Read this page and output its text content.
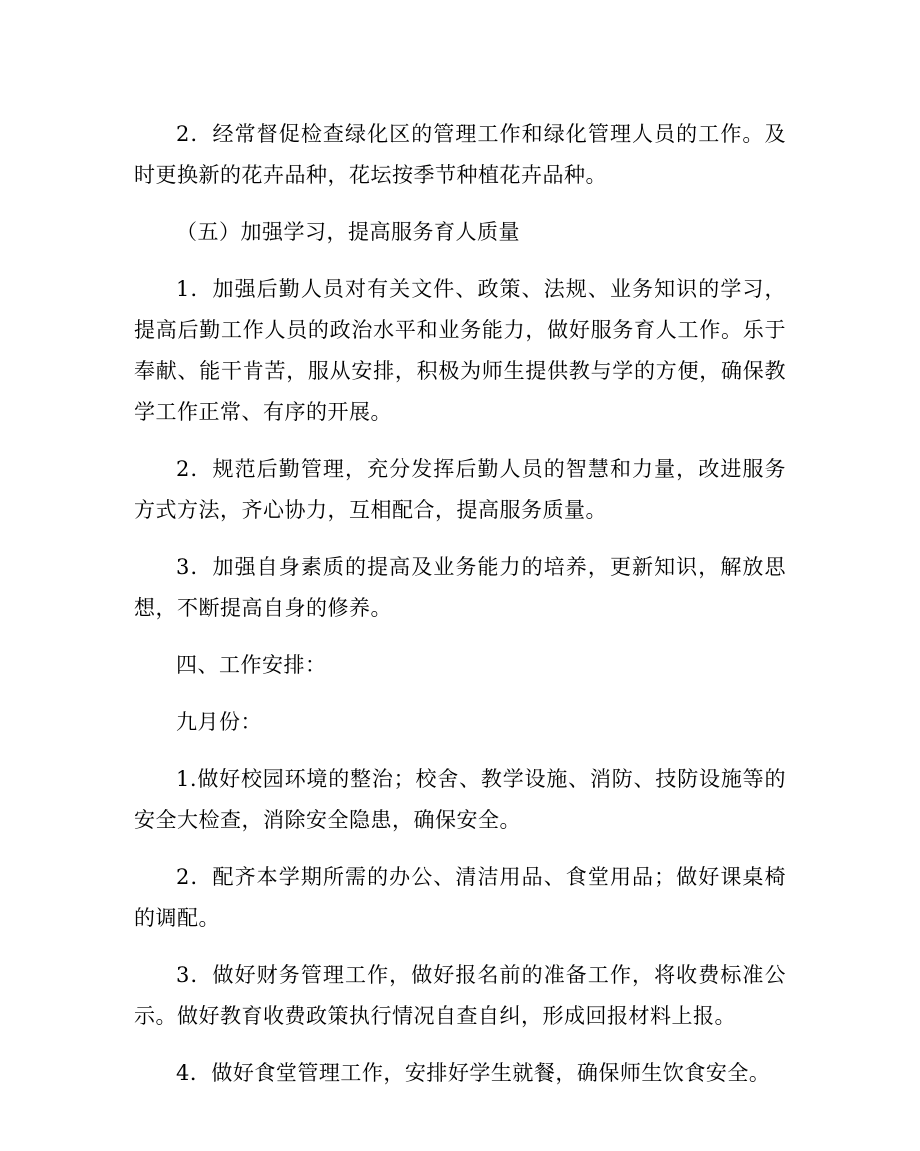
2．经常督促检查绿化区的管理工作和绿化管理人员的工作。及时更换新的花卉品种，花坛按季节种植花卉品种。

（五）加强学习，提高服务育人质量

1．加强后勤人员对有关文件、政策、法规、业务知识的学习，提高后勤工作人员的政治水平和业务能力，做好服务育人工作。乐于奉献、能干肯苦，服从安排，积极为师生提供教与学的方便，确保教学工作正常、有序的开展。

2．规范后勤管理，充分发挥后勤人员的智慧和力量，改进服务方式方法，齐心协力，互相配合，提高服务质量。

3．加强自身素质的提高及业务能力的培养，更新知识，解放思想，不断提高自身的修养。

四、工作安排：

九月份：

1.做好校园环境的整治；校舍、教学设施、消防、技防设施等的安全大检查，消除安全隐患，确保安全。

2．配齐本学期所需的办公、清洁用品、食堂用品；做好课桌椅的调配。

3．做好财务管理工作，做好报名前的准备工作，将收费标准公示。做好教育收费政策执行情况自查自纠，形成回报材料上报。

4．做好食堂管理工作，安排好学生就餐，确保师生饮食安全。
